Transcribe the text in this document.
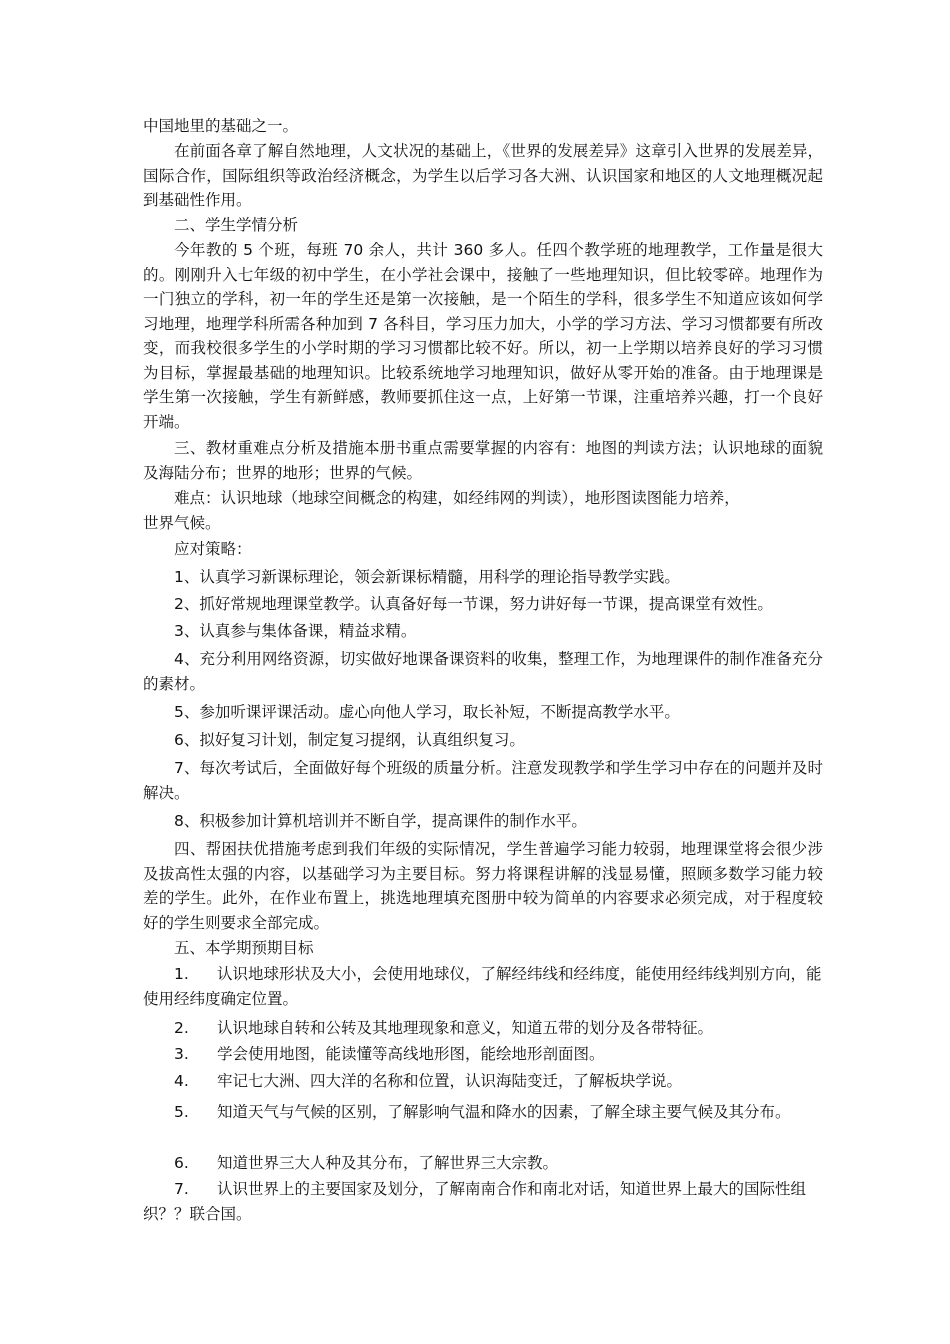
中国地里的基础之一。

在前面各章了解自然地理，人文状况的基础上，《世界的发展差异》这章引入世界的发展差异，国际合作，国际组织等政治经济概念，为学生以后学习各大洲、认识国家和地区的人文地理概况起到基础性作用。

二、学生学情分析

今年教的 5 个班，每班 70 余人，共计 360 多人。任四个教学班的地理教学，工作量是很大的。刚刚升入七年级的初中学生，在小学社会课中，接触了一些地理知识，但比较零碎。地理作为一门独立的学科，初一年的学生还是第一次接触，是一个陌生的学科，很多学生不知道应该如何学习地理，地理学科所需各种加到 7 各科目，学习压力加大，小学的学习方法、学习习惯都要有所改变，而我校很多学生的小学时期的学习习惯都比较不好。所以，初一上学期以培养良好的学习习惯为目标，掌握最基础的地理知识。比较系统地学习地理知识，做好从零开始的准备。由于地理课是学生第一次接触，学生有新鲜感，教师要抓住这一点，上好第一节课，注重培养兴趣，打一个良好开端。

三、教材重难点分析及措施本册书重点需要掌握的内容有：地图的判读方法；认识地球的面貌及海陆分布；世界的地形；世界的气候。

难点：认识地球（地球空间概念的构建，如经纬网的判读），地形图读图能力培养，

世界气候。

应对策略：

1、认真学习新课标理论，领会新课标精髓，用科学的理论指导教学实践。

2、抓好常规地理课堂教学。认真备好每一节课，努力讲好每一节课，提高课堂有效性。

3、认真参与集体备课，精益求精。

4、充分利用网络资源，切实做好地课备课资料的收集，整理工作，为地理课件的制作准备充分的素材。

5、参加听课评课活动。虚心向他人学习，取长补短，不断提高教学水平。

6、拟好复习计划，制定复习提纲，认真组织复习。

7、每次考试后，全面做好每个班级的质量分析。注意发现教学和学生学习中存在的问题并及时解决。

8、积极参加计算机培训并不断自学，提高课件的制作水平。

四、帮困扶优措施考虑到我们年级的实际情况，学生普遍学习能力较弱，地理课堂将会很少涉及拔高性太强的内容，以基础学习为主要目标。努力将课程讲解的浅显易懂，照顾多数学习能力较差的学生。此外，在作业布置上，挑选地理填充图册中较为简单的内容要求必须完成，对于程度较好的学生则要求全部完成。

五、本学期预期目标

1. 认识地球形状及大小，会使用地球仪，了解经纬线和经纬度，能使用经纬线判别方向，能使用经纬度确定位置。
2. 认识地球自转和公转及其地理现象和意义，知道五带的划分及各带特征。
3. 学会使用地图，能读懂等高线地形图，能绘地形剖面图。
4. 牢记七大洲、四大洋的名称和位置，认识海陆变迁，了解板块学说。
5. 知道天气与气候的区别，了解影响气温和降水的因素，了解全球主要气候及其分布。
6. 知道世界三大人种及其分布，了解世界三大宗教。
7. 认识世界上的主要国家及划分，了解南南合作和南北对话，知道世界上最大的国际性组织？？联合国。
